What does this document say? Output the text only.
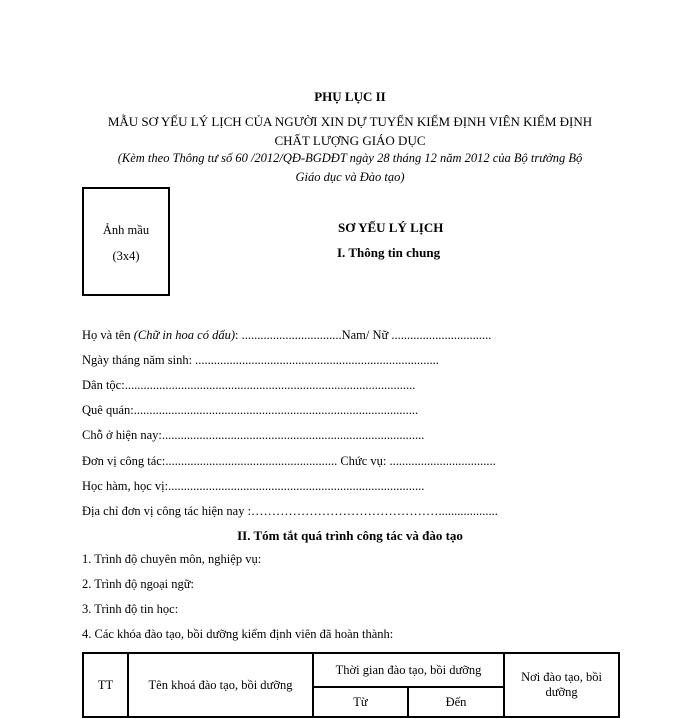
PHỤ LỤC II
MẪU SƠ YẾU LÝ LỊCH CỦA NGƯỜI XIN DỰ TUYỂN KIỂM ĐỊNH VIÊN KIỂM ĐỊNH
CHẤT LƯỢNG GIÁO DỤC
(Kèm theo Thông tư số 60 /2012/QĐ-BGDĐT ngày 28 tháng 12 năm 2012 của Bộ trưởng Bộ
Giáo dục và Đào tạo)
Ảnh mầu
(3x4)
SƠ YẾU LÝ LỊCH
I. Thông tin chung
Họ và tên (Chữ in hoa có dấu): ................................Nam/ Nữ ................................
Ngày tháng năm sinh: ..............................................................................
Dân tộc:.............................................................................................
Quê quán:...........................................................................................
Chỗ ở hiện nay:....................................................................................
Đơn vị công tác:....................................................... Chức vụ: ..................................
Học hàm, học vị:..................................................................................
Địa chỉ đơn vị công tác hiện nay :………………………………………...................
II. Tóm tắt quá trình công tác và đào tạo
1. Trình độ chuyên môn, nghiệp vụ:
2. Trình độ ngoại ngữ:
3. Trình độ tin học:
4. Các khóa đào tạo, bồi dưỡng kiểm định viên đã hoàn thành:
TT	Tên khoá đào tạo, bồi dưỡng	Thời gian đào tạo, bồi dưỡng		Nơi đào tạo, bồi dưỡng
		Từ	Đến	
